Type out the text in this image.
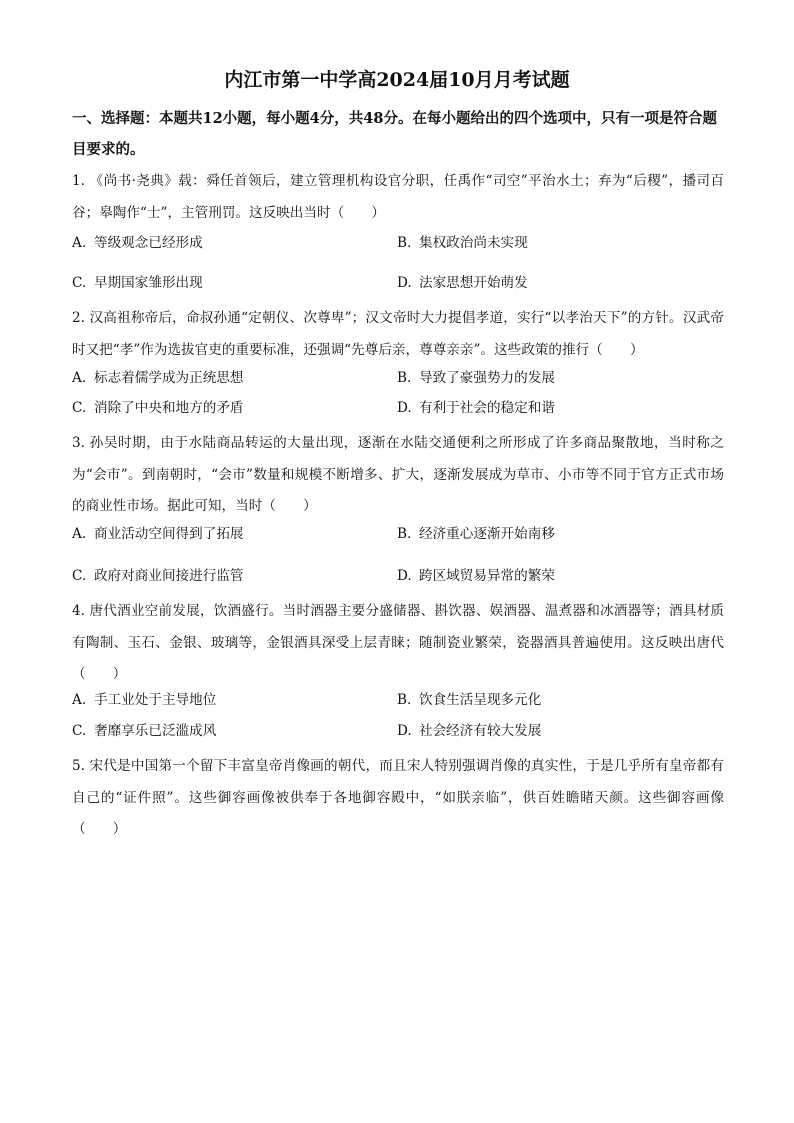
内江市第一中学高2024届10月月考试题
一、选择题：本题共12小题，每小题4分，共48分。在每小题给出的四个选项中，只有一项是符合题目要求的。
1. 《尚书·尧典》载：舜任首领后，建立管理机构设官分职，任禹作“司空”平治水土；弃为“后稷”，播司百谷；皋陶作“士”，主管刑罚。这反映出当时（　　）
A. 等级观念已经形成	B. 集权政治尚未实现
C. 早期国家雏形出现	D. 法家思想开始萌发
2. 汉高祖称帝后，命叔孙通“定朝仪、次尊卑”；汉文帝时大力提倡孝道，实行“以孝治天下”的方针。汉武帝时又把“孝”作为选拔官吏的重要标准，还强调“先尊后亲，尊尊亲亲”。这些政策的推行（　　）
A. 标志着儒学成为正统思想	B. 导致了豪强势力的发展
C. 消除了中央和地方的矛盾	D. 有利于社会的稳定和谐
3. 孙吴时期，由于水陆商品转运的大量出现，逐渐在水陆交通便利之所形成了许多商品聚散地，当时称之为“会市”。到南朝时，“会市”数量和规模不断增多、扩大，逐渐发展成为草市、小市等不同于官方正式市场的商业性市场。据此可知，当时（　　）
A. 商业活动空间得到了拓展	B. 经济重心逐渐开始南移
C. 政府对商业间接进行监管	D. 跨区域贸易异常的繁荣
4. 唐代酒业空前发展，饮酒盛行。当时酒器主要分盛储器、斟饮器、娱酒器、温煮器和冰酒器等；酒具材质有陶制、玉石、金银、玻璃等，金银酒具深受上层青睐；随制瓷业繁荣，瓷器酒具普遍使用。这反映出唐代（　　）
A. 手工业处于主导地位	B. 饮食生活呈现多元化
C. 奢靡享乐已泛滥成风	D. 社会经济有较大发展
5. 宋代是中国第一个留下丰富皇帝肖像画的朝代，而且宋人特别强调肖像的真实性，于是几乎所有皇帝都有自己的“证件照”。这些御容画像被供奉于各地御容殿中，“如朕亲临”，供百姓瞻睹天颜。这些御容画像（　　）
